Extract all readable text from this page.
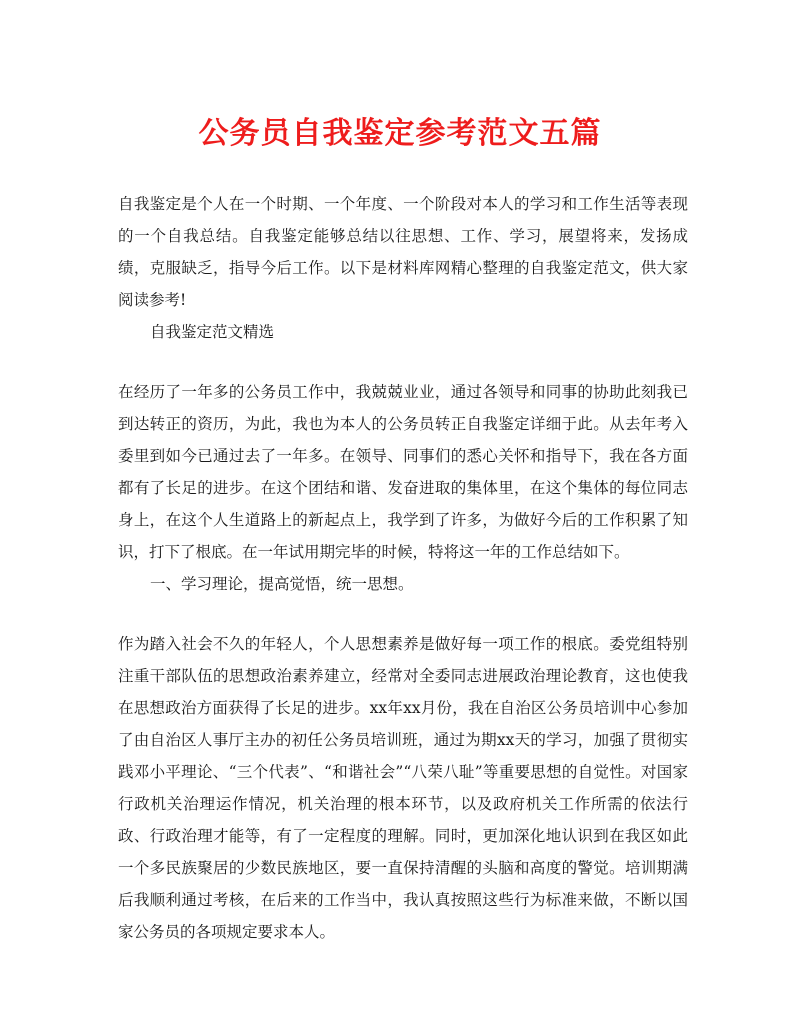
公务员自我鉴定参考范文五篇

自我鉴定是个人在一个时期、一个年度、一个阶段对本人的学习和工作生活等表现的一个自我总结。自我鉴定能够总结以往思想、工作、学习，展望将来，发扬成绩，克服缺乏，指导今后工作。以下是材料库网精心整理的自我鉴定范文，供大家阅读参考!

自我鉴定范文精选

在经历了一年多的公务员工作中，我兢兢业业，通过各领导和同事的协助此刻我已到达转正的资历，为此，我也为本人的公务员转正自我鉴定详细于此。从去年考入委里到如今已通过去了一年多。在领导、同事们的悉心关怀和指导下，我在各方面都有了长足的进步。在这个团结和谐、发奋进取的集体里，在这个集体的每位同志身上，在这个人生道路上的新起点上，我学到了许多，为做好今后的工作积累了知识，打下了根底。在一年试用期完毕的时候，特将这一年的工作总结如下。

一、学习理论，提高觉悟，统一思想。

作为踏入社会不久的年轻人，个人思想素养是做好每一项工作的根底。委党组特别注重干部队伍的思想政治素养建立，经常对全委同志进展政治理论教育，这也使我在思想政治方面获得了长足的进步。xx年xx月份，我在自治区公务员培训中心参加了由自治区人事厅主办的初任公务员培训班，通过为期xx天的学习，加强了贯彻实践邓小平理论、“三个代表”、“和谐社会”“八荣八耻”等重要思想的自觉性。对国家行政机关治理运作情况，机关治理的根本环节，以及政府机关工作所需的依法行政、行政治理才能等，有了一定程度的理解。同时，更加深化地认识到在我区如此一个多民族聚居的少数民族地区，要一直保持清醒的头脑和高度的警觉。培训期满后我顺利通过考核，在后来的工作当中，我认真按照这些行为标准来做，不断以国家公务员的各项规定要求本人。
